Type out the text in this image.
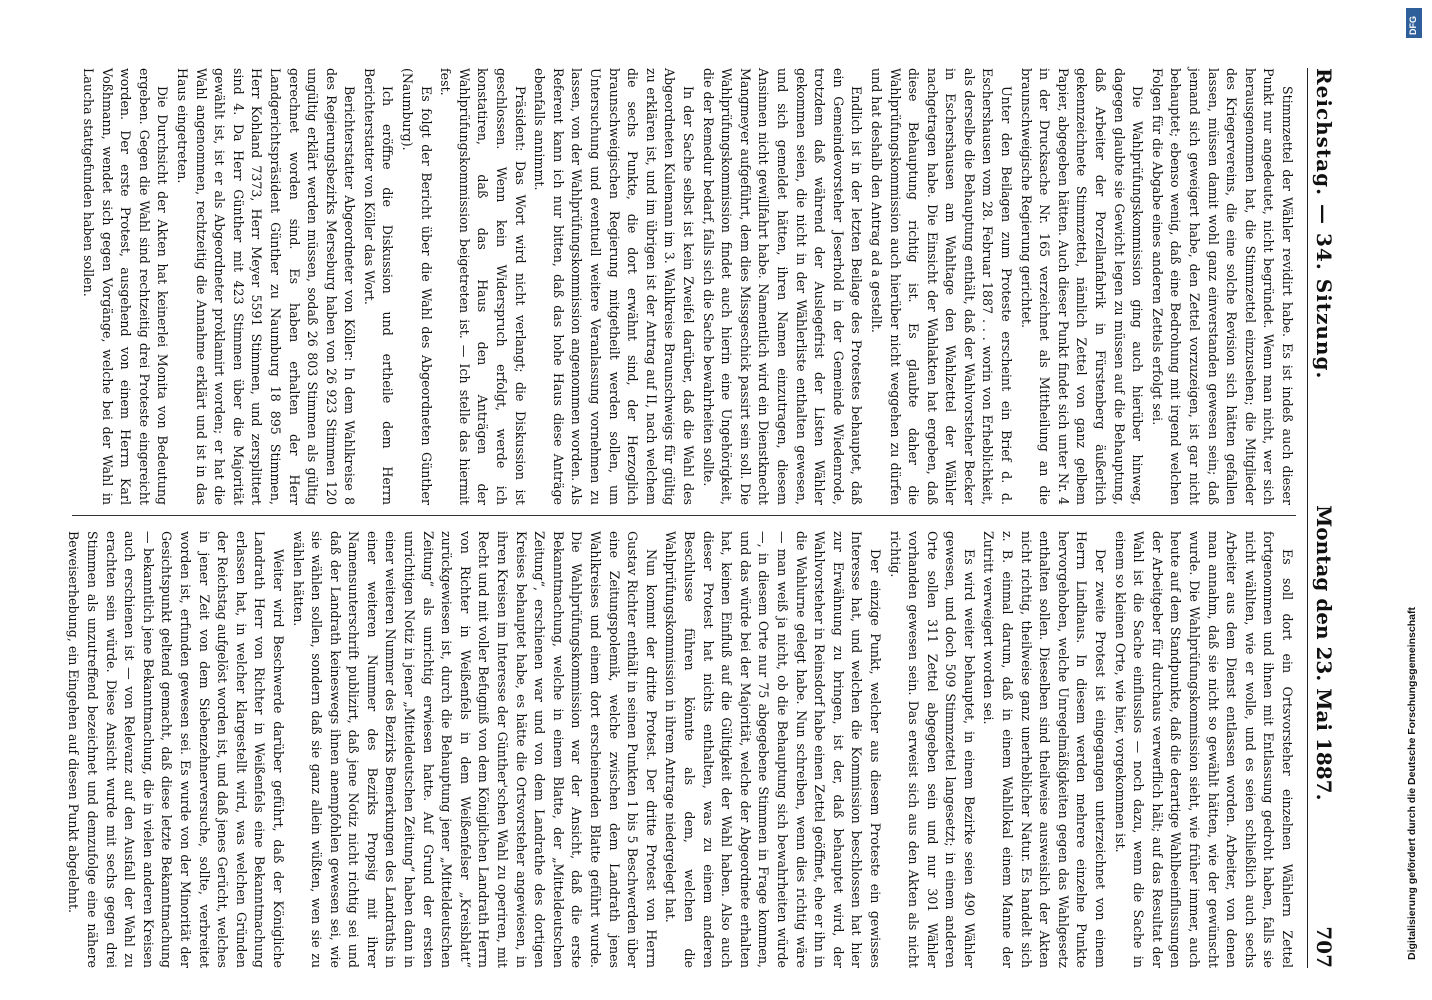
Reichstag. — 34. Sitzung.
Montag den 23. Mai 1887.
707

Stimmzettel der Wähler revidirt habe. Es ist indeß auch dieser Punkt nur angedeutet, nicht begründet. Wenn man nicht, wer sich herausgenommen hat, die Stimmzettel einzusehen; die Mitglieder des Kriegervereins, die eine solche Revision sich hätten gefallen lassen, müssen damit wohl ganz einverstanden gewesen sein; daß jemand sich geweigert habe, den Zettel vorzuzeigen, ist gar nicht behauptet; ebenso wenig, daß eine Bedrohung mit irgend welchen Folgen für die Abgabe eines anderen Zettels erfolgt sei.

Die Wahlprüfungskommission ging auch hierüber hinweg, dagegen glaubte sie Gewicht legen zu müssen auf die Behauptung, daß Arbeiter der Porzellanfabrik in Fürstenberg äußerlich gekennzeichnete Stimmzettel, nämlich Zettel von ganz gelbem Papier, abgegeben hätten. Auch dieser Punkt findet sich unter Nr. 4 in der Drucksache Nr. 165 verzeichnet als Mittheilung an die braunschweigische Regierung gerichtet.

Unter den Beilagen zum Proteste erscheint ein Brief d. d. Eschershausen vom 28. Februar 1887 . . . worin von Erheblichkeit, als derselbe die Behauptung enthält, daß der Wahlvorsteher Becker in Eschershausen am Wahltage den Wahlzettel der Wähler nachgetragen habe. Die Einsicht der Wahlakten hat ergeben, daß diese Behauptung richtig ist. Es glaubte daher die Wahlprüfungskommission auch hierüber nicht weggehen zu dürfen und hat deshalb den Antrag ad a gestellt.

Endlich ist in der letzten Beilage des Protestes behauptet, daß ein Gemeindevorsteher Jeserhold in der Gemeinde Wiedenrode, trotzdem daß während der Auslegefrist der Listen Wähler gekommen seien, die nicht in der Wählerliste enthalten gewesen, und sich gemeldet hätten, ihren Namen einzutragen, diesem Ansinnen nicht gewillfahrt habe. Namentlich wird ein Dienstknecht Mangmeyer aufgeführt, dem dies Missgeschick passirt sein soll. Die Wahlprüfungskommission findet auch hierin eine Ungehörigkeit, die der Remedur bedarf, falls sich die Sache bewahrheiten sollte.

In der Sache selbst ist kein Zweifel darüber, daß die Wahl des Abgeordneten Kulemann im 3. Wahlkreise Braunschweigs für gültig zu erklären ist, und im übrigen ist der Antrag auf II, nach welchem die sechs Punkte, die dort erwähnt sind, der Herzoglich braunschweigischen Regierung mitgetheilt werden sollen, um Untersuchung und eventuell weitere Veranlassung vornehmen zu lassen, von der Wahlprüfungskommission angenommen worden. Als Referent kann ich nur bitten, daß das hohe Haus diese Anträge ebenfalls annimmt.

Präsident: Das Wort wird nicht verlangt; die Diskussion ist geschlossen. Wenn kein Widerspruch erfolgt, werde ich konstatiren, daß das Haus den Anträgen der Wahlprüfungskommission beigetreten ist. — Ich stelle das hiermit fest.

Es folgt der Bericht über die Wahl des Abgeordneten Günther (Naumburg).

Ich eröffne die Diskussion und ertheile dem Herrn Berichterstatter von Köller das Wort.

Berichterstatter Abgeordneter von Köller: In dem Wahlkreise 8 des Regierungsbezirks Merseburg haben von 26 923 Stimmen 120 ungültig erklärt werden müssen, sodaß 26 803 Stimmen als gültig gerechnet worden sind. Es haben erhalten der Herr Landgerichtspräsident Günther zu Naumburg 18 895 Stimmen, Herr Kohland 7373, Herr Meyer 5591 Stimmen, und zersplittert sind 4. Da Herr Günther mit 423 Stimmen über die Majorität gewählt ist, ist er als Abgeordneter proklamirt worden; er hat die Wahl angenommen, rechtzeitig die Annahme erklärt und ist in das Haus eingetreten.

Die Durchsicht der Akten hat keinerlei Monita von Bedeutung ergeben. Gegen die Wahl sind rechtzeitig drei Proteste eingereicht worden. Der erste Protest, ausgehend von einem Herrn Karl Voßhmann, wendet sich gegen Vorgänge, welche bei der Wahl in Laucha stattgefunden haben sollen.

Es soll dort ein Ortsvorsteher einzelnen Wählern Zettel fortgenommen und ihnen mit Entlassung gedroht haben, falls sie nicht wählten, wie er wolle, und es seien schließlich auch sechs Arbeiter aus dem Dienst entlassen worden. Arbeiter, von denen man annahm, daß sie nicht so gewählt hätten, wie der gewünscht wurde. Die Wahlprüfungskommission sieht, wie früher immer, auch heute auf dem Standpunkte, daß die derartige Wahlbeeinflussungen der Arbeitgeber für durchaus verwerflich hält; auf das Resultat der Wahl ist die Sache einflusslos — noch dazu, wenn die Sache in einem so kleinen Orte, wie hier, vorgekommen ist.

Der zweite Protest ist eingegangen unterzeichnet von einem Herrn Lindhaus. In diesem werden mehrere einzelne Punkte hervorgehoben, welche Unregelmäßigkeiten gegen das Wahlgesetz enthalten sollen. Dieselben sind theilweise ausweislich der Akten nicht richtig, theilweise ganz unerheblicher Natur. Es handelt sich z. B. einmal darum, daß in einem Wahllokal einem Manne der Zutritt verweigert worden sei.

Es wird weiter behauptet, in einem Bezirke seien 490 Wähler gewesen, und doch 509 Stimmzettel langesetzt; in einem anderen Orte sollen 311 Zettel abgegeben sein und nur 301 Wähler vorhanden gewesen sein. Das erweist sich aus den Akten als nicht richtig.

Der einzige Punkt, welcher aus diesem Proteste ein gewisses Interesse hat, und welchen die Kommission beschlossen hat hier zur Erwähnung zu bringen, ist der, daß behauptet wird, der Wahlvorsteher in Reinsdorf habe einen Zettel geöffnet, ehe er ihn in die Wahlurne gelegt habe. Nun schreiben, wenn dies richtig wäre — man weiß ja nicht, ob die Behauptung sich bewahrheiten würde —, in diesem Orte nur 75 abgegebene Stimmen in Frage kommen, und das würde bei der Majorität, welche der Abgeordnete erhalten hat, keinen Einfluß auf die Gültigkeit der Wahl haben. Also auch dieser Protest hat nichts enthalten, was zu einem anderen Beschlusse führen könnte als dem, welchen die Wahlprüfungskommission in ihrem Antrage niedergelegt hat.

Nun kommt der dritte Protest. Der dritte Protest von Herrn Gustav Richter enthält in seinen Punkten 1 bis 5 Beschwerden über eine Zeitungspolemik, welche zwischen dem Landrath jenes Wahlkreises und einem dort erscheinenden Blatte geführt wurde. Die Wahlprüfungskommission war der Ansicht, daß die erste Bekanntmachung, welche in einem Blatte, der „Mitteldeutschen Zeitung“, erschienen war und von dem Landrathe des dortigen Kreises behauptet habe, es hätte die Ortsvorsteher angewiesen, in ihren Kreisen im Interesse der Günther'schen Wahl zu operiren, mit Recht und mit voller Befugniß von dem Königlichen Landrath Herrn von Richter in Weißenfels in dem Weißenfelser „Kreisblatt“ zurückgewiesen ist, durch die Behauptung jener „Mitteldeutschen Zeitung“ als unrichtig erwiesen hatte. Auf Grund der ersten unrichtigen Notiz in jener „Mitteldeutschen Zeitung“ haben dann in einer weiteren Nummer des Bezirks Bemerkungen des Landraths in einer weiteren Nummer des Bezirks Propsig mit ihrer Namensunterschrift publizirt, daß jene Notiz nicht richtig sei und daß der Landrath keineswegs ihnen anempfohlen gewesen sei, wie sie wählen sollen, sondern daß sie ganz allein wüßten, wen sie zu wählen hätten.

Weiter wird Beschwerde darüber geführt, daß der Königliche Landrath Herr von Richter in Weißenfels eine Bekanntmachung erlassen hat, in welcher klargestellt wird, was welchen Gründen der Reichstag aufgelöst worden ist, und daß jenes Gerücht, welches in jener Zeit von dem Siebenzehnerversuche, sollte, verbreitet worden ist, erfunden gewesen sei. Es wurde von der Minorität der Gesichtspunkt geltend gemacht, daß diese letzte Bekanntmachung — bekanntlich jene Bekanntmachung, die in vielen anderen Kreisen auch erschienen ist — von Relevanz auf den Ausfall der Wahl zu erachten sein würde. Diese Ansicht wurde mit sechs gegen drei Stimmen als unzutreffend bezeichnet und demzufolge eine nähere Beweiserhebung, ein Eingehen auf diesen Punkt abgelehnt.	Digitalisierung gefördert durch die Deutsche Forschungsgemeinschaft
DFG
